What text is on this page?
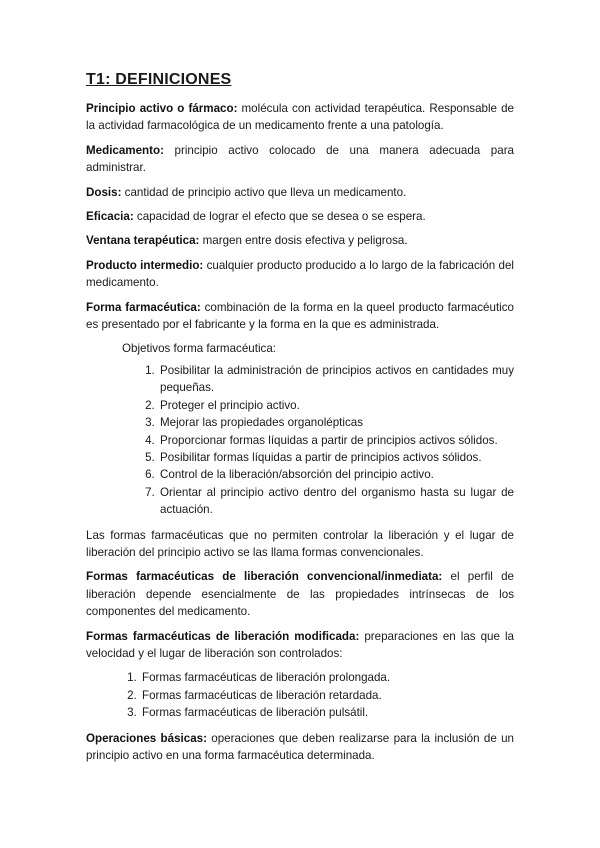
T1: DEFINICIONES

Principio activo o fármaco: molécula con actividad terapéutica. Responsable de la actividad farmacológica de un medicamento frente a una patología.

Medicamento: principio activo colocado de una manera adecuada para administrar.

Dosis: cantidad de principio activo que lleva un medicamento.

Eficacia: capacidad de lograr el efecto que se desea o se espera.

Ventana terapéutica: margen entre dosis efectiva y peligrosa.

Producto intermedio: cualquier producto producido a lo largo de la fabricación del medicamento.

Forma farmacéutica: combinación de la forma en la queel producto farmacéutico es presentado por el fabricante y la forma en la que es administrada.

Objetivos forma farmacéutica:

1. Posibilitar la administración de principios activos en cantidades muy pequeñas.
2. Proteger el principio activo.
3. Mejorar las propiedades organolépticas
4. Proporcionar formas líquidas a partir de principios activos sólidos.
5. Posibilitar formas líquidas a partir de principios activos sólidos.
6. Control de la liberación/absorción del principio activo.
7. Orientar al principio activo dentro del organismo hasta su lugar de actuación.

Las formas farmacéuticas que no permiten controlar la liberación y el lugar de liberación del principio activo se las llama formas convencionales.

Formas farmacéuticas de liberación convencional/inmediata: el perfil de liberación depende esencialmente de las propiedades intrínsecas de los componentes del medicamento.

Formas farmacéuticas de liberación modificada: preparaciones en las que la velocidad y el lugar de liberación son controlados:

1. Formas farmacéuticas de liberación prolongada.
2. Formas farmacéuticas de liberación retardada.
3. Formas farmacéuticas de liberación pulsátil.

Operaciones básicas: operaciones que deben realizarse para la inclusión de un principio activo en una forma farmacéutica determinada.
